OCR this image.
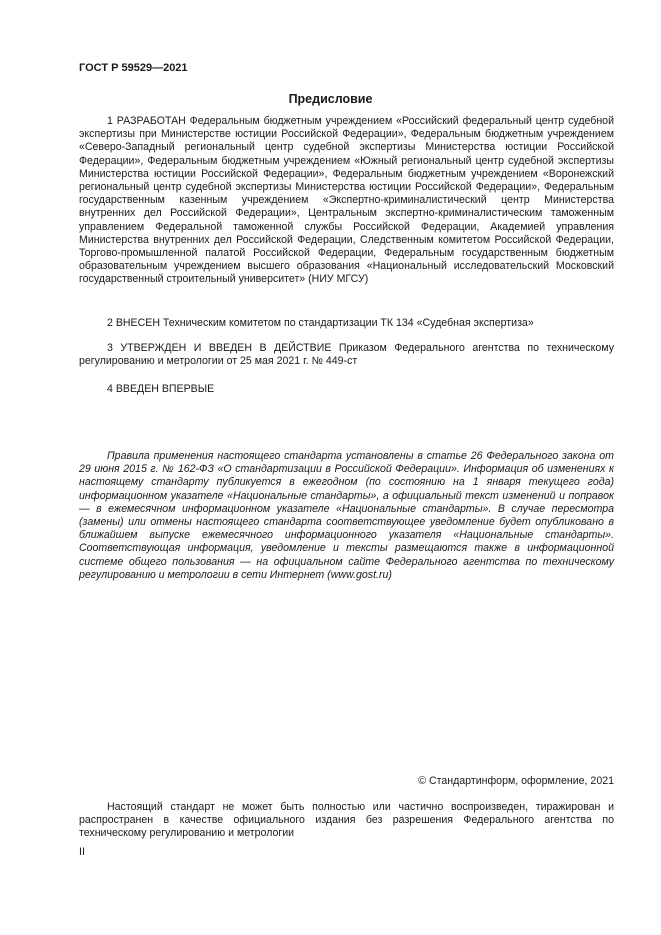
ГОСТ Р 59529—2021
Предисловие

1 РАЗРАБОТАН Федеральным бюджетным учреждением «Российский федеральный центр судебной экспертизы при Министерстве юстиции Российской Федерации», Федеральным бюджетным учреждением «Северо-Западный региональный центр судебной экспертизы Министерства юстиции Российской Федерации», Федеральным бюджетным учреждением «Южный региональный центр судебной экспертизы Министерства юстиции Российской Федерации», Федеральным бюджетным учреждением «Воронежский региональный центр судебной экспертизы Министерства юстиции Российской Федерации», Федеральным государственным казенным учреждением «Экспертно-криминалистический центр Министерства внутренних дел Российской Федерации», Центральным экспертно-криминалистическим таможенным управлением Федеральной таможенной службы Российской Федерации, Академией управления Министерства внутренних дел Российской Федерации, Следственным комитетом Российской Федерации, Торгово-промышленной палатой Российской Федерации, Федеральным государственным бюджетным образовательным учреждением высшего образования «Национальный исследовательский Московский государственный строительный университет» (НИУ МГСУ)

2 ВНЕСЕН Техническим комитетом по стандартизации ТК 134 «Судебная экспертиза»

3 УТВЕРЖДЕН И ВВЕДЕН В ДЕЙСТВИЕ Приказом Федерального агентства по техническому регулированию и метрологии от 25 мая 2021 г. № 449-ст

4 ВВЕДЕН ВПЕРВЫЕ

Правила применения настоящего стандарта установлены в статье 26 Федерального закона от 29 июня 2015 г. № 162-ФЗ «О стандартизации в Российской Федерации». Информация об изменениях к настоящему стандарту публикуется в ежегодном (по состоянию на 1 января текущего года) информационном указателе «Национальные стандарты», а официальный текст изменений и поправок — в ежемесячном информационном указателе «Национальные стандарты». В случае пересмотра (замены) или отмены настоящего стандарта соответствующее уведомление будет опубликовано в ближайшем выпуске ежемесячного информационного указателя «Национальные стандарты». Соответствующая информация, уведомление и тексты размещаются также в информационной системе общего пользования — на официальном сайте Федерального агентства по техническому регулированию и метрологии в сети Интернет (www.gost.ru)

© Стандартинформ, оформление, 2021

Настоящий стандарт не может быть полностью или частично воспроизведен, тиражирован и распространен в качестве официального издания без разрешения Федерального агентства по техническому регулированию и метрологии

II
